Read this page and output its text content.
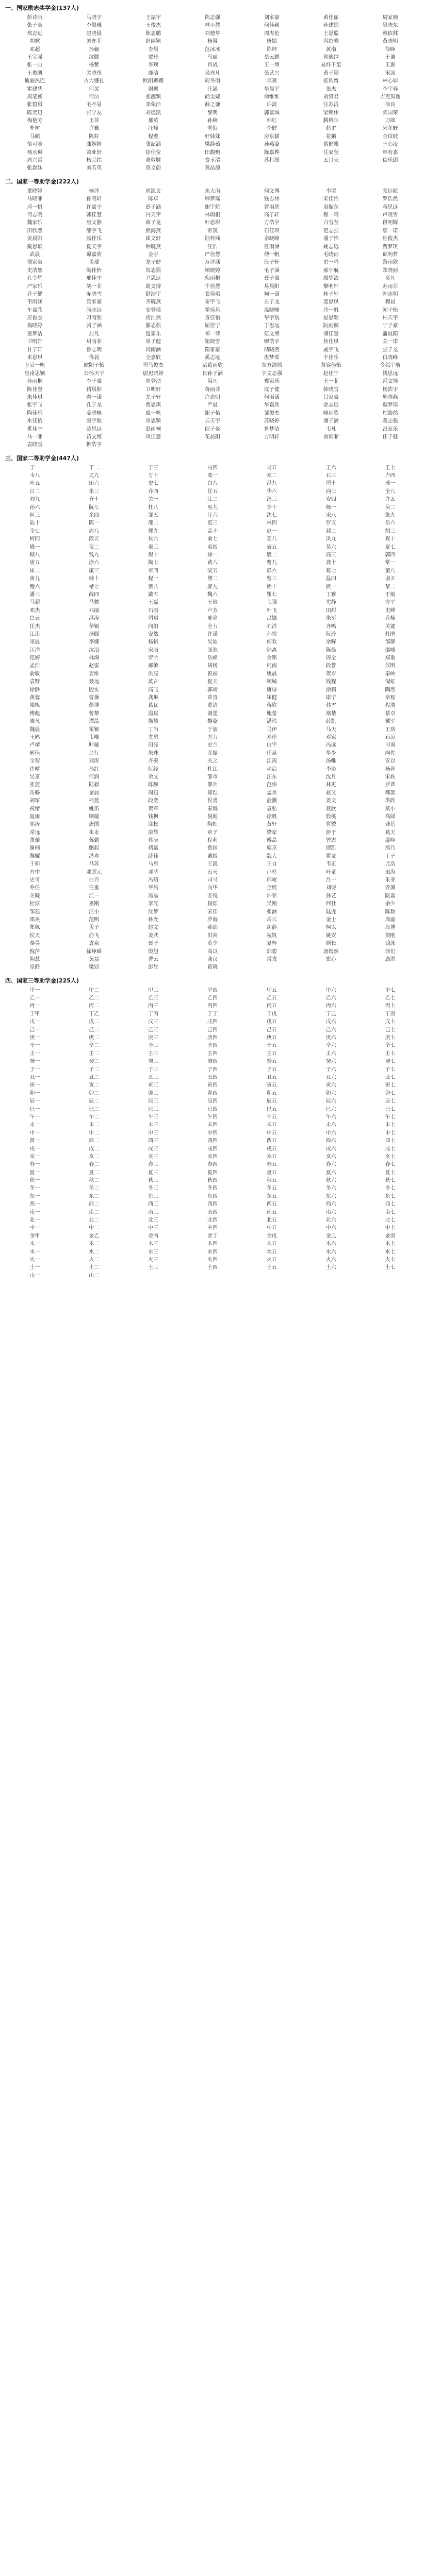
一、国家励志奖学金(137人)
彭诗雨	马晓宇	王振宇	陈志强	刘家豪	黄佳丽	周家驹
张子豪	李晨曦	王俊杰	林小慧	何佳颖	孙建国	吴晓东
郑志远	赵晓晨	陈志鹏	刘德华	周杰伦	王思聪	蔡依林
胡歌	刘亦菲	赵丽颖	杨幂	唐嫣	冯绍峰	黄晓明
邓超	孙俪	李晨	范冰冰	陈坤	黄渤	徐峥
王宝强	沈腾	贾玲	马丽	岳云鹏	郭德纲	于谦
张一山	杨紫	李现	肖战	王一博	易烊千玺	王源
王俊凯	关晓彤	鹿晗	吴亦凡	张艺兴	黄子韬	宋茜
迪丽热巴	古力娜扎	欧阳娜娜	周冬雨	郑爽	张钧甯	林心如
霍建华	何炅	谢娜	汪涵	华晨宇	张杰	李宇春
周笔畅	何洁	张靓颖	尚雯婕	谭维维	刘惜君	吉克隽逸
张碧晨	毛不易	李荣浩	薛之谦	许嵩	汪苏泷	徐良
陈奕迅	张学友	刘德凯	黎明	郭富城	梁朝伟	张国荣
梅艳芳	王菲	那英	孙楠	韩红	腾格尔	刀郎
朴树	许巍	汪峰	老狼	李健	赵雷	宋冬野
马頔	陈粒	程璧	好妹妹	房东猫	花粥	金玟岐
郁可唯	曲婉婷	张韶涵	梁静茹	孙燕姿	蔡健雅	王心凌
杨丞琳	萧亚轩	徐佳莹	田馥甄	陈嘉桦	任家萱	林宥嘉
周兴哲	杨宗纬	萧敬腾	费玉清	苏打绿	五月天	信乐团
张惠妹	刘若英	莫文蔚	黄品源
二、国家一等助学金(222人)
董晓婷	杨洋	周凯文	朱大南	何文博	李清	张远航
马晓菲	孙明轩	陈卓	韩梦瑶	钱志伟	宋佳怡	罗浩然
邓一帆	许嘉宁	彭子涵	谢宇航	曹雨欣	袁振东	蒋思远
何志明	郭佳慧	冯天宇	林雨桐	高子轩	程一鸣	卢晓雪
魏家乐	唐文静	薛子龙	叶思琪	方浩宇	白雪莹	段明辉
田欣然	邵宇飞	熊海燕	常凯	石佳琪	范志强	廖一诺
姜晨阳	汤佳乐	崔文轩	陆梓涵	余晓峰	潘子怡	杜俊杰
戴思颖	夏天宇	钟晓燕	汪浩	任雨涵	姚志远	贾梦琪
武晨	谭嘉欣	金宇	严佳慧	傅一帆	毛晓雨	邱明哲
侯家豪	孟瑶	龙子健	万诗涵	段子轩	雷一鸣	黎雨欣
史浩然	陶佳怡	贺志强	顾晓婷	毛子涵	郝宇航	郑晓丽
孔令辉	邢佳宁	尹思远	倪雨桐	聂子豪	殷梦洁	莫凡
严家乐	胡一菲	葛文博	牛佳慧	易晨阳	黎明轩	苏雨菲
乔子健	庞晓雪	舒浩宇	裴佳琪	柯一诺	桂子轩	阎志明
韦雨涵	管家豪	齐晓燕	秦宇飞	左子龙	蓝思琪	穆晨
车嘉欣	尚志远	安梦瑶	霍佳乐	温晓峰	冷一帆	闻子怡
应俊杰	习雨欣	房浩然	查佳怡	华宇航	晏思颖	柏天宇
翁晓婷	骆子涵	滕志强	屈佳宁	丁思远	阮雨桐	宁子豪
童梦洁	封凡	包家乐	祁一菲	伍文博	储佳慧	蒲晨阳
卫明轩	巩雨菲	单子健	钮晓雪	缪浩宇	焦佳琪	关一诺
甘子轩	鲁志明	闫雨涵	隋家豪	储晓燕	戚宇飞	强子龙
米思琪	佟晨	全嘉欣	奚志远	湛梦瑶	丰佳乐	仇晓峰
上官一帆	欧阳子怡	司马俊杰	诸葛雨欣	东方浩然	慕容佳怡	令狐宇航
皇甫思颖	公孙天宇	尉迟晓婷	长孙子涵	宇文志强	赵佳宁	钱思远
孙雨桐	李子豪	周梦洁	吴凡	郑家乐	王一菲	冯文博
陈佳慧	褚晨阳	卫明轩	蒋雨菲	沈子健	韩晓雪	杨浩宇
朱佳琪	秦一诺	尤子轩	许志明	何雨涵	吕家豪	施晓燕
张宇飞	孔子龙	曹思琪	严晨	华嘉欣	金志远	魏梦瑶
陶佳乐	姜晓峰	戚一帆	谢子怡	邹俊杰	喻雨欣	柏浩然
水佳怡	窦宇航	章思颖	云天宇	苏晓婷	潘子涵	葛志强
奚佳宁	范思远	彭雨桐	郎子豪	鲁梦洁	韦凡	昌家乐
马一菲	苗文博	凤佳慧	花晨阳	方明轩	俞雨菲	任子健
袁晓雪	柳浩宇
三、国家二等助学金(447人)
丁一	丁二	于三	马四	马五	王六	王七
韦八	尤九	方十	邓一	邓二	石三	卢四
叶五	田六	史七	白八	冯九	司十	邢一
吕二	朱三	乔四	任五	华六	向七	全八
刘九	齐十	关一	江二	汤三	安四	许五
孙六	阮七	杜八	巫九	李十	杨一	吴二
何三	余四	邹五	汪六	沈七	宋八	张九
陆十	陈一	邵二	范三	林四	罗五	岳六
金七	周八	郑九	孟十	赵一	郝二	胡三
柯四	段五	侯六	俞七	姜八	洪九	祝十
姚一	贺二	秦三	袁四	聂五	莫六	夏七
顾八	钱九	倪十	徐一	殷二	高三	郭四
唐五	涂六	陶七	黄八	曹九	龚十	常一
崔二	康三	章四	梁五	彭六	葛七	董八
蒋九	韩十	程一	傅二	曾三	温四	谢五
鲍六	褚七	蔡八	廖九	谭十	熊一	黎二
潘三	薛四	戴五	魏六	瞿七	丁雅	于航
马超	马骏	王磊	王敏	韦强	尤静	方平
邓杰	邓丽	石刚	卢芳	叶飞	田甜	史峰
白云	冯涛	司琪	邢亮	吕娜	朱军	乔楠
任杰	华颖	向阳	全力	刘洋	齐鸣	关键
江南	汤圆	安然	许诺	孙悦	阮玲	杜鹃
巫晨	李娜	杨帆	吴迪	何欢	余晖	邹静
汪洋	沈浪	宋雨	张弛	陆离	陈晨	邵峰
范婷	林海	罗兰	岳峰	金铭	周全	郑重
孟浩	赵雷	郝敏	胡杨	柯南	段誉	侯明
俞敏	姜维	洪亮	祝福	姚晨	贺岁	秦岭
袁野	聂远	莫言	夏天	顾城	钱程	倪虹
徐静	殷实	高飞	郭靖	唐诗	涂鸦	陶然
黄蓉	曹操	龚琳	常青	崔健	康宁	章程
梁栋	彭博	葛优	董洁	蒋欣	韩雪	程浩
傅彪	曾黎	温岚	谢霆	鲍蕾	褚楚	蔡卓
廖凡	谭晶	熊黛	黎姿	潘玮	薛凯	戴军
魏晨	瞿颖	丁当	于波	马伊	马天	王珞
王鸥	韦唯	尤勇	方力	邓伦	邓家	石凉
卢靖	叶璇	田亮	史兰	白宇	冯远	司南
邢佳	吕行	朱珠	乔振	任泉	华少	向佐
全智	刘涛	齐秦	关之	江疏	汤唯	安以
许晴	孙红	阮经	杜江	巫启	李沁	杨蓉
吴京	何润	余文	邹市	汪东	沈月	宋轶
张蓝	陆毅	陈赫	邵兵	范伟	林更	罗晋
岳旸	金晨	周迅	郑恺	孟美	赵又	郝蕾
胡军	柯蓝	段奕	侯勇	俞灏	姜文	洪欣
祝绪	姚笛	贺军	秦海	袁弘	聂欣	莫小
夏雨	顾璇	钱枫	倪妮	徐帆	殷桃	高圆
郭涛	唐国	涂松	陶虹	黄轩	曹骏	龚蓓
常远	崔永	康辉	章子	梁家	彭于	葛天
董璇	蒋勤	韩庚	程莉	傅晶	曾志	温峥
谢楠	鲍起	褚嘉	蔡国	廖京	谭凯	熊乃
黎耀	潘粤	薛佳	戴娇	魏大	瞿友	丁子
于和	马苏	马思	王凯	王自	韦正	尤浩
方中	邓超元	邓萃	石天	卢杉	叶童	田海
史可	白百	冯绍	司马	邢岷	吕一	朱亚
乔任	任重	华晨	向华	全度	刘诗	齐溪
关晓	江一	汤晶	安悦	许亚	孙艺	阮嘉
杜淳	巫刚	李光	杨烁	吴刚	何杜	余少
邹廷	汪小	沈梦	宋佳	张涵	陆虎	陈数
邵美	范明	林允	罗海	岳云	金士	周渝
郑佩	孟子	赵文	郝邵	胡静	柯以	段博
侯天	俞飞	姜武	洪剑	祝钒	姚安	贺刚
秦昊	袁泉	聂子	莫少	夏梓	顾长	钱泳
倪萍	徐峥嵘	殷旭	高以	郭碧	唐嫣然	涂们
陶慧	黄磊	曹云	龚汉	常戎	崔心	康洪
章龄	梁冠	彭昱	葛晓
四、国家三等助学金(225人)
甲一	甲二	甲三	甲四	甲五	甲六	甲七
乙一	乙二	乙三	乙四	乙五	乙六	乙七
丙一	丙二	丙三	丙四	丙五	丙六	丙七
丁甲	丁乙	丁丙	丁丁	丁戊	丁己	丁庚
戊一	戊二	戊三	戊四	戊五	戊六	戊七
己一	己二	己三	己四	己五	己六	己七
庚一	庚二	庚三	庚四	庚五	庚六	庚七
辛一	辛二	辛三	辛四	辛五	辛六	辛七
壬一	壬二	壬三	壬四	壬五	壬六	壬七
癸一	癸二	癸三	癸四	癸五	癸六	癸七
子一	子二	子三	子四	子五	子六	子七
丑一	丑二	丑三	丑四	丑五	丑六	丑七
寅一	寅二	寅三	寅四	寅五	寅六	寅七
卯一	卯二	卯三	卯四	卯五	卯六	卯七
辰一	辰二	辰三	辰四	辰五	辰六	辰七
巳一	巳二	巳三	巳四	巳五	巳六	巳七
午一	午二	午三	午四	午五	午六	午七
未一	未二	未三	未四	未五	未六	未七
申一	申二	申三	申四	申五	申六	申七
酉一	酉二	酉三	酉四	酉五	酉六	酉七
戌一	戌二	戌三	戌四	戌五	戌六	戌七
亥一	亥二	亥三	亥四	亥五	亥六	亥七
春一	春二	春三	春四	春五	春六	春七
夏一	夏二	夏三	夏四	夏五	夏六	夏七
秋一	秋二	秋三	秋四	秋五	秋六	秋七
冬一	冬二	冬三	冬四	冬五	冬六	冬七
东一	东二	东三	东四	东五	东六	东七
西一	西二	西三	西四	西五	西六	西七
南一	南二	南三	南四	南五	南六	南七
北一	北二	北三	北四	北五	北六	北七
中一	中二	中三	中四	中五	中六	中七
金甲	金乙	金丙	金丁	金戊	金己	金庚
木一	木二	木三	木四	木五	木六	木七
水一	水二	水三	水四	水五	水六	水七
火一	火二	火三	火四	火五	火六	火七
土一	土二	土三	土四	土五	土六	土七
山一	山二
